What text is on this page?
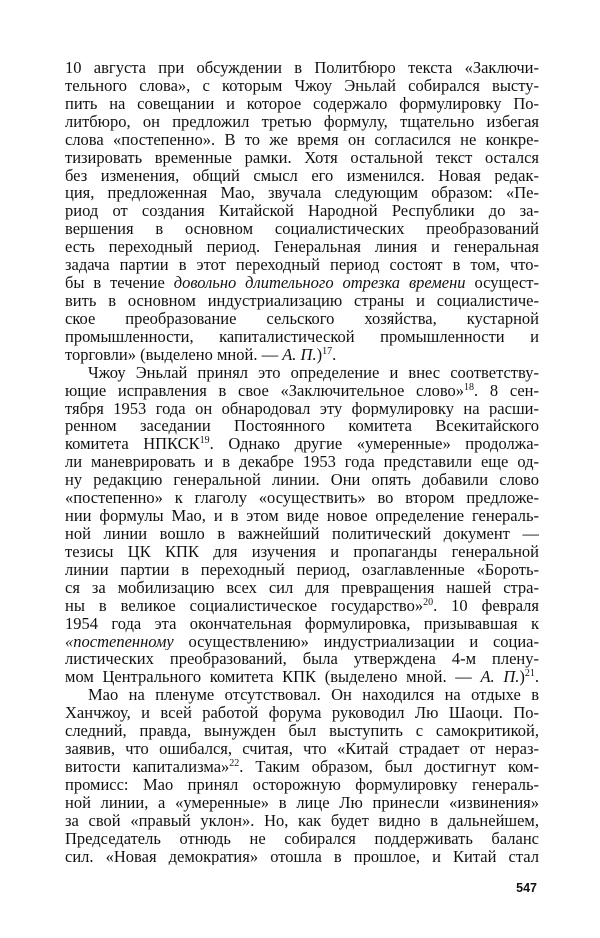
10 августа при обсуждении в Политбюро текста «Заключи-
тельного слова», с которым Чжоу Эньлай собирался высту-
пить на совещании и которое содержало формулировку По-
литбюро, он предложил третью формулу, тщательно избегая
слова «постепенно». В то же время он согласился не конкре-
тизировать временные рамки. Хотя остальной текст остался
без изменения, общий смысл его изменился. Новая редак-
ция, предложенная Мао, звучала следующим образом: «Пе-
риод от создания Китайской Народной Республики до за-
вершения в основном социалистических преобразований
есть переходный период. Генеральная линия и генеральная
задача партии в этот переходный период состоят в том, что-
бы в течение довольно длительного отрезка времени осущест-
вить в основном индустриализацию страны и социалистиче-
ское преобразование сельского хозяйства, кустарной
промышленности, капиталистической промышленности и
торговли» (выделено мной. — А. П.)$^{17}$.
Чжоу Эньлай принял это определение и внес соответству-
ющие исправления в свое «Заключительное слово»$^{18}$. 8 сен-
тября 1953 года он обнародовал эту формулировку на расши-
ренном заседании Постоянного комитета Всекитайского
комитета НПКСК$^{19}$. Однако другие «умеренные» продолжа-
ли маневрировать и в декабре 1953 года представили еще од-
ну редакцию генеральной линии. Они опять добавили слово
«постепенно» к глаголу «осуществить» во втором предложе-
нии формулы Мао, и в этом виде новое определение генераль-
ной линии вошло в важнейший политический документ —
тезисы ЦК КПК для изучения и пропаганды генеральной
линии партии в переходный период, озаглавленные «Бороть-
ся за мобилизацию всех сил для превращения нашей стра-
ны в великое социалистическое государство»$^{20}$. 10 февраля
1954 года эта окончательная формулировка, призывавшая к
«постепенному осуществлению» индустриализации и социа-
листических преобразований, была утверждена 4-м плену-
мом Центрального комитета КПК (выделено мной. — А. П.)$^{21}$.
Мао на пленуме отсутствовал. Он находился на отдыхе в
Ханчжоу, и всей работой форума руководил Лю Шаоци. По-
следний, правда, вынужден был выступить с самокритикой,
заявив, что ошибался, считая, что «Китай страдает от нераз-
витости капитализма»$^{22}$. Таким образом, был достигнут ком-
промисс: Мао принял осторожную формулировку генераль-
ной линии, а «умеренные» в лице Лю принесли «извинения»
за свой «правый уклон». Но, как будет видно в дальнейшем,
Председатель отнюдь не собирался поддерживать баланс
сил. «Новая демократия» отошла в прошлое, и Китай стал
547
